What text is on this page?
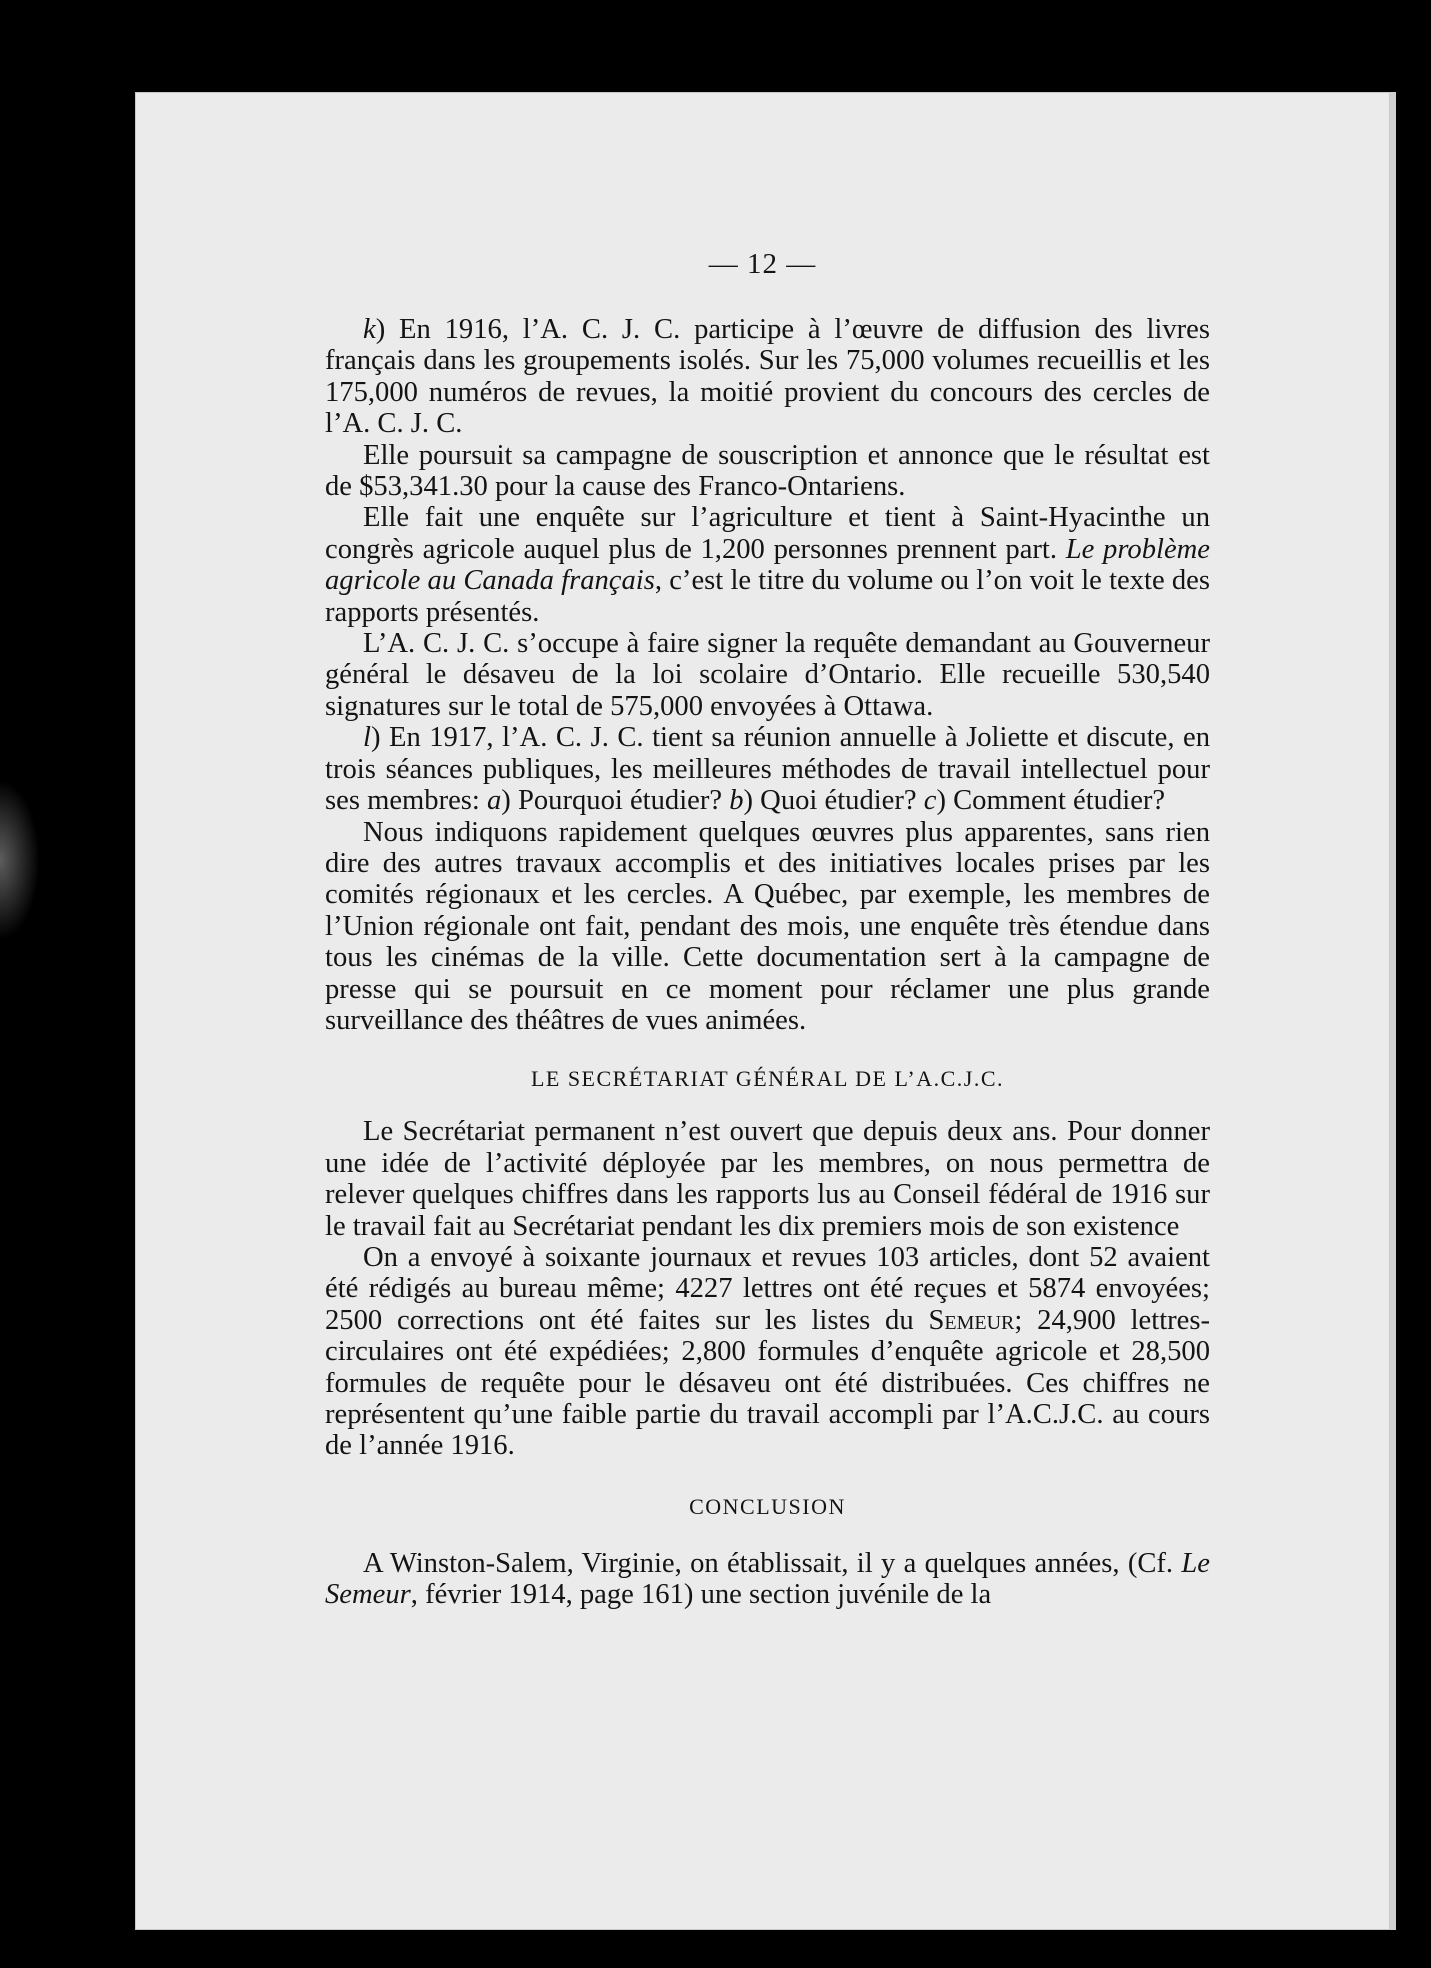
— 12 —

k) En 1916, l’A. C. J. C. participe à l’œuvre de diffusion des livres français dans les groupements isolés. Sur les 75,000 volumes recueillis et les 175,000 numéros de revues, la moitié provient du concours des cercles de l’A. C. J. C.

Elle poursuit sa campagne de souscription et annonce que le résultat est de $53,341.30 pour la cause des Franco-Ontariens.

Elle fait une enquête sur l’agriculture et tient à Saint-Hyacinthe un congrès agricole auquel plus de 1,200 personnes prennent part. Le problème agricole au Canada français, c’est le titre du volume ou l’on voit le texte des rapports présentés.

L’A. C. J. C. s’occupe à faire signer la requête demandant au Gouverneur général le désaveu de la loi scolaire d’Ontario. Elle recueille 530,540 signatures sur le total de 575,000 envoyées à Ottawa.

l) En 1917, l’A. C. J. C. tient sa réunion annuelle à Joliette et discute, en trois séances publiques, les meilleures méthodes de travail intellectuel pour ses membres: a) Pourquoi étudier? b) Quoi étudier? c) Comment étudier?

Nous indiquons rapidement quelques œuvres plus apparentes, sans rien dire des autres travaux accomplis et des initiatives locales prises par les comités régionaux et les cercles. A Québec, par exemple, les membres de l’Union régionale ont fait, pendant des mois, une enquête très étendue dans tous les cinémas de la ville. Cette documentation sert à la campagne de presse qui se poursuit en ce moment pour réclamer une plus grande surveillance des théâtres de vues animées.

LE SECRÉTARIAT GÉNÉRAL DE L’A.C.J.C.

Le Secrétariat permanent n’est ouvert que depuis deux ans. Pour donner une idée de l’activité déployée par les membres, on nous permettra de relever quelques chiffres dans les rapports lus au Conseil fédéral de 1916 sur le travail fait au Secrétariat pendant les dix premiers mois de son existence

On a envoyé à soixante journaux et revues 103 articles, dont 52 avaient été rédigés au bureau même; 4227 lettres ont été reçues et 5874 envoyées; 2500 corrections ont été faites sur les listes du Semeur; 24,900 lettres-circulaires ont été expédiées; 2,800 formules d’enquête agricole et 28,500 formules de requête pour le désaveu ont été distribuées. Ces chiffres ne représentent qu’une faible partie du travail accompli par l’A.C.J.C. au cours de l’année 1916.

CONCLUSION

A Winston-Salem, Virginie, on établissait, il y a quelques années, (Cf. Le Semeur, février 1914, page 161) une section juvénile de la
